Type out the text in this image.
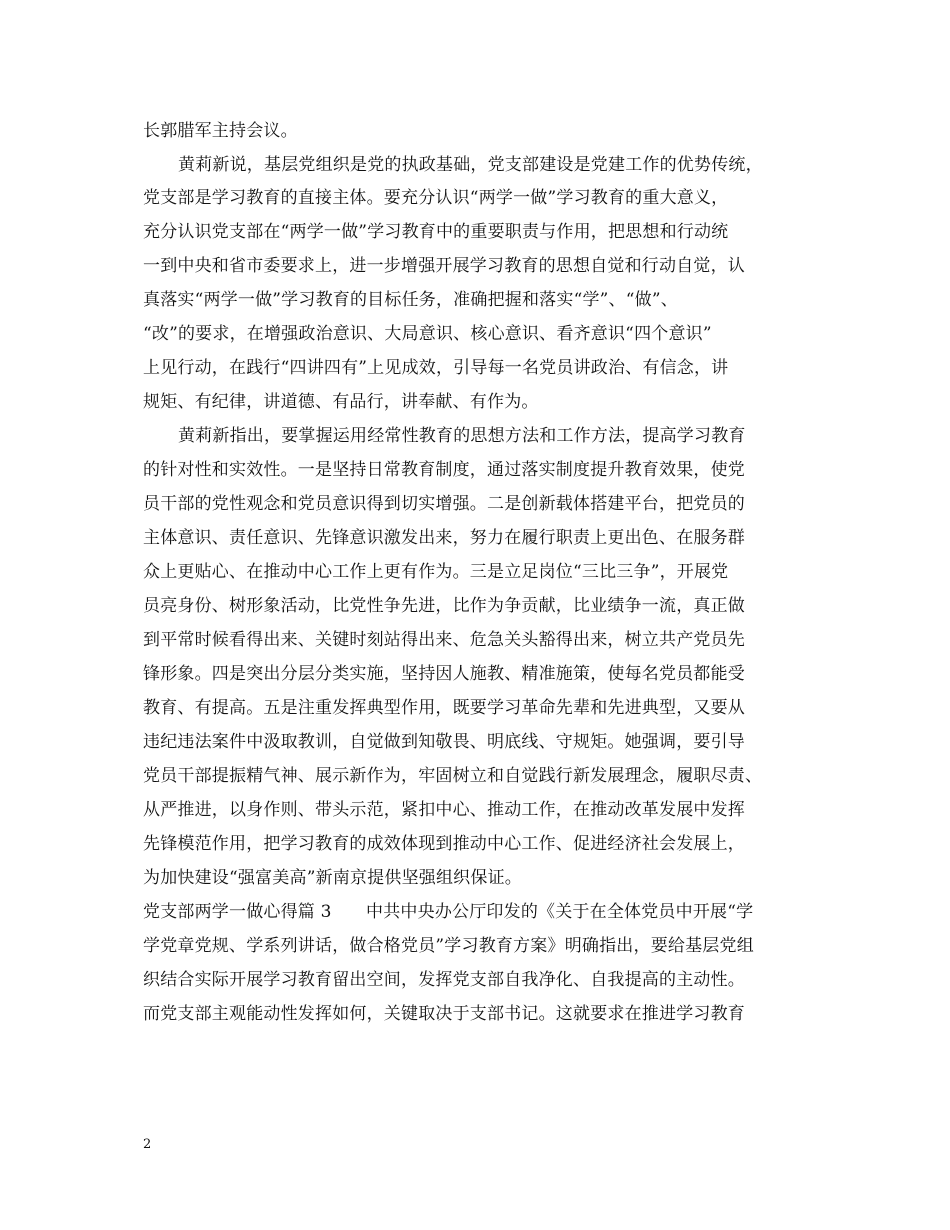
长郭腊军主持会议。
黄莉新说，基层党组织是党的执政基础，党支部建设是党建工作的优势传统，
党支部是学习教育的直接主体。要充分认识“两学一做”学习教育的重大意义，
充分认识党支部在“两学一做”学习教育中的重要职责与作用，把思想和行动统
一到中央和省市委要求上，进一步增强开展学习教育的思想自觉和行动自觉，认
真落实“两学一做”学习教育的目标任务，准确把握和落实“学”、“做”、
“改”的要求，在增强政治意识、大局意识、核心意识、看齐意识“四个意识”
上见行动，在践行“四讲四有”上见成效，引导每一名党员讲政治、有信念，讲
规矩、有纪律，讲道德、有品行，讲奉献、有作为。
黄莉新指出，要掌握运用经常性教育的思想方法和工作方法，提高学习教育
的针对性和实效性。一是坚持日常教育制度，通过落实制度提升教育效果，使党
员干部的党性观念和党员意识得到切实增强。二是创新载体搭建平台，把党员的
主体意识、责任意识、先锋意识激发出来，努力在履行职责上更出色、在服务群
众上更贴心、在推动中心工作上更有作为。三是立足岗位“三比三争”，开展党
员亮身份、树形象活动，比党性争先进，比作为争贡献，比业绩争一流，真正做
到平常时候看得出来、关键时刻站得出来、危急关头豁得出来，树立共产党员先
锋形象。四是突出分层分类实施，坚持因人施教、精准施策，使每名党员都能受
教育、有提高。五是注重发挥典型作用，既要学习革命先辈和先进典型，又要从
违纪违法案件中汲取教训，自觉做到知敬畏、明底线、守规矩。她强调，要引导
党员干部提振精气神、展示新作为，牢固树立和自觉践行新发展理念，履职尽责、
从严推进，以身作则、带头示范，紧扣中心、推动工作，在推动改革发展中发挥
先锋模范作用，把学习教育的成效体现到推动中心工作、促进经济社会发展上，
为加快建设“强富美高”新南京提供坚强组织保证。
党支部两学一做心得篇 3　　中共中央办公厅印发的《关于在全体党员中开展“学
学党章党规、学系列讲话，做合格党员”学习教育方案》明确指出，要给基层党组
织结合实际开展学习教育留出空间，发挥党支部自我净化、自我提高的主动性。
而党支部主观能动性发挥如何，关键取决于支部书记。这就要求在推进学习教育
2
